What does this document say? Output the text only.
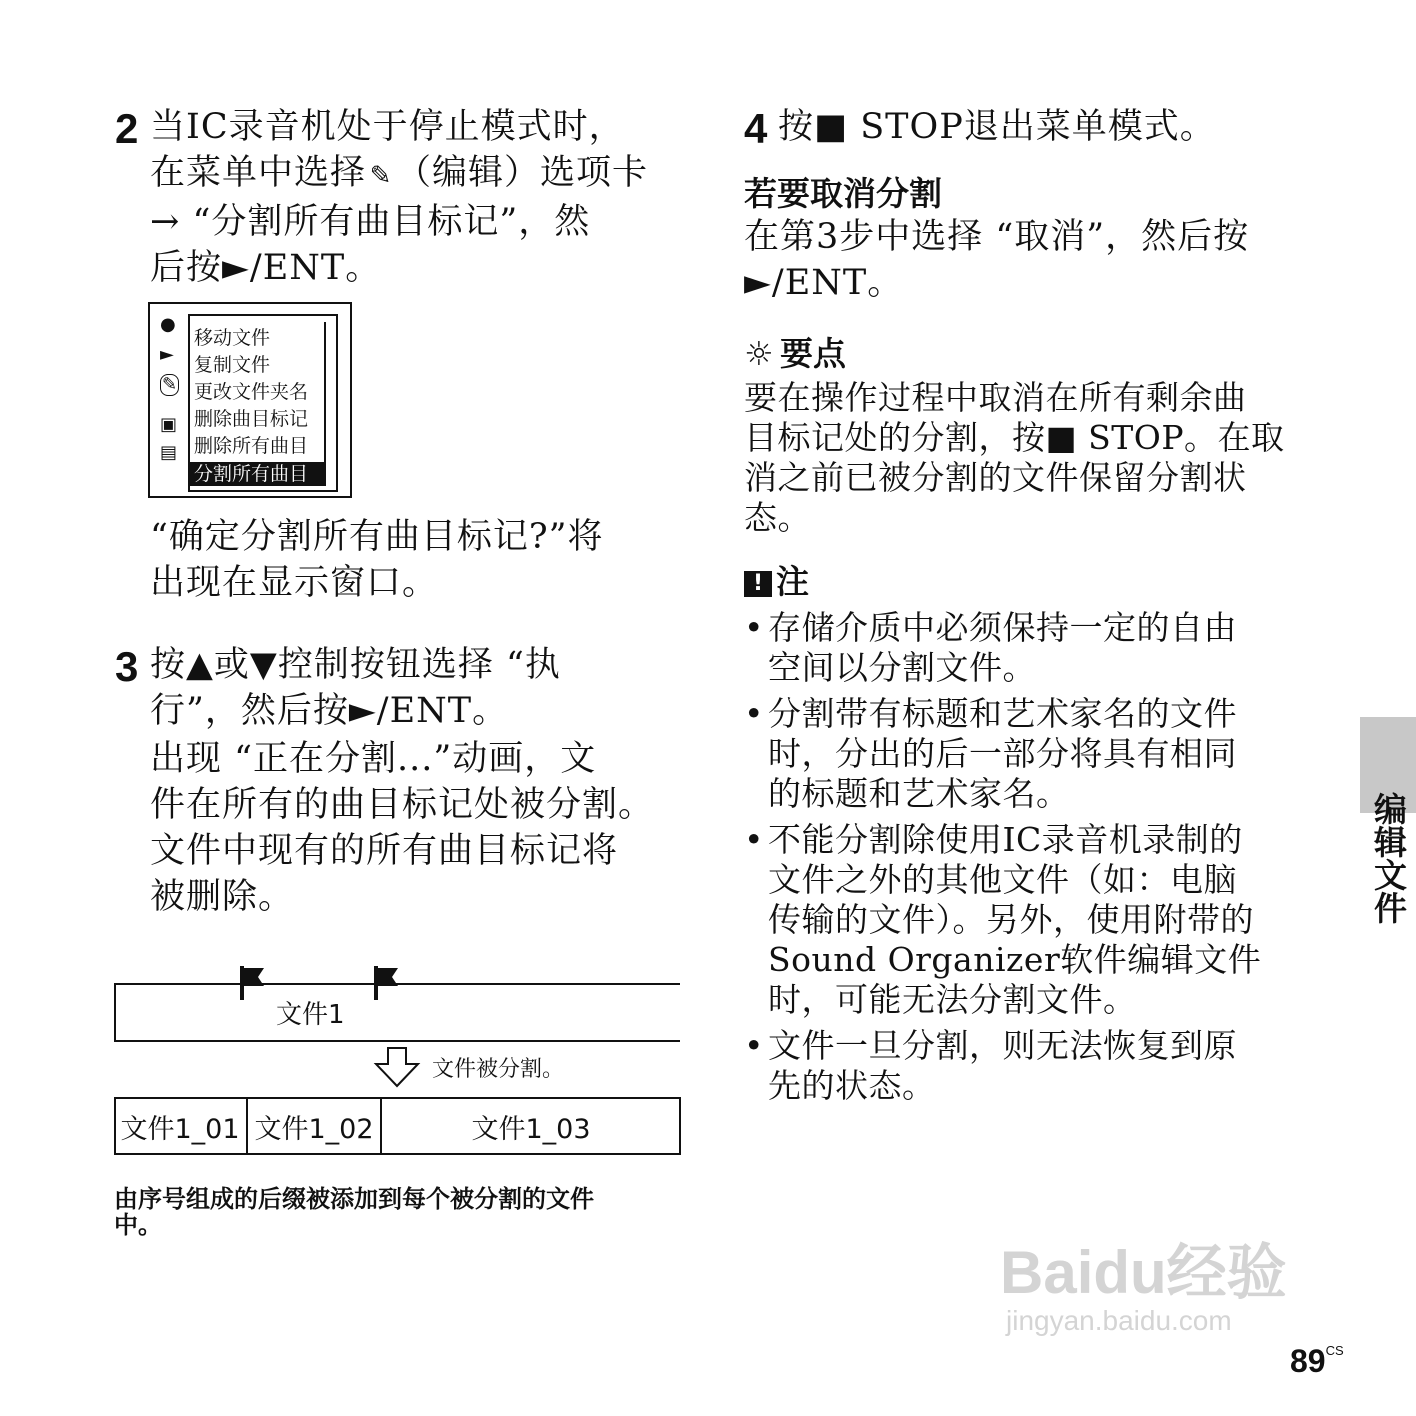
2 当IC录音机处于停止模式时，
在菜单中选择 ✎ （编辑）选项卡
→ “分割所有曲目标记”，然
后按►/ENT。
●
►
✎
▣
▤
移动文件
复制文件
更改文件夹名
删除曲目标记
删除所有曲目
分割所有曲目
“确定分割所有曲目标记?”将
出现在显示窗口。
3 按▲或▼控制按钮选择 “执
行”，然后按►/ENT。
出现 “正在分割...”动画，文
件在所有的曲目标记处被分割。
文件中现有的所有曲目标记将
被删除。
文件1
文件被分割。
文件1_01 文件1_02	文件1_03
由序号组成的后缀被添加到每个被分割的文件
中。
4 按■ STOP退出菜单模式。
若要取消分割
在第3步中选择 “取消”，然后按
►/ENT。
☼ 要点
要在操作过程中取消在所有剩余曲
目标记处的分割，按■ STOP。在取
消之前已被分割的文件保留分割状
态。
! 注
• 存储介质中必须保持一定的自由
空间以分割文件。
• 分割带有标题和艺术家名的文件
时，分出的后一部分将具有相同
的标题和艺术家名。
• 不能分割除使用IC录音机录制的
文件之外的其他文件（如：电脑
传输的文件）。另外，使用附带的
Sound Organizer软件编辑文件
时，可能无法分割文件。
• 文件一旦分割，则无法恢复到原
先的状态。
编辑文件
Baidu经验
jingyan.baidu.com
$89^{CS}$
